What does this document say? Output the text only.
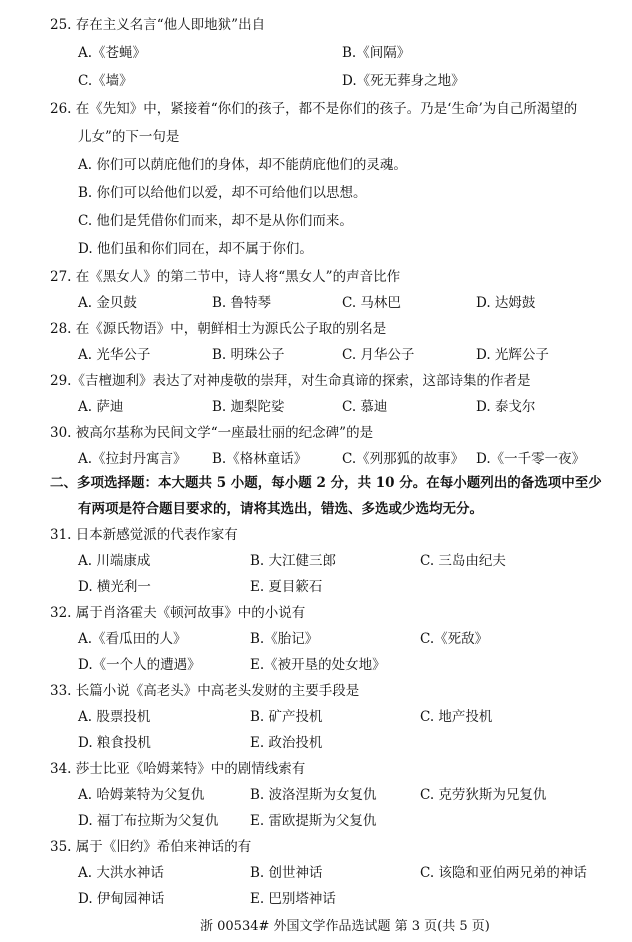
25. 存在主义名言“他人即地狱”出自
A.《苍蝇》	B.《间隔》
C.《墙》	D.《死无葬身之地》
26. 在《先知》中，紧接着“你们的孩子，都不是你们的孩子。乃是‘生命’为自己所渴望的
儿女”的下一句是
A. 你们可以荫庇他们的身体，却不能荫庇他们的灵魂。
B. 你们可以给他们以爱，却不可给他们以思想。
C. 他们是凭借你们而来，却不是从你们而来。
D. 他们虽和你们同在，却不属于你们。
27. 在《黑女人》的第二节中，诗人将“黑女人”的声音比作
A. 金贝鼓	B. 鲁特琴	C. 马林巴	D. 达姆鼓
28. 在《源氏物语》中，朝鲜相士为源氏公子取的别名是
A. 光华公子	B. 明珠公子	C. 月华公子	D. 光辉公子
29.《吉檀迦利》表达了对神虔敬的崇拜，对生命真谛的探索，这部诗集的作者是
A. 萨迪	B. 迦梨陀娑	C. 慕迪	D. 泰戈尔
30. 被高尔基称为民间文学“一座最壮丽的纪念碑”的是
A.《拉封丹寓言》 B.《格林童话》	C.《列那狐的故事》 D.《一千零一夜》
二、多项选择题：本大题共 5 小题，每小题 2 分，共 10 分。在每小题列出的备选项中至少
有两项是符合题目要求的，请将其选出，错选、多选或少选均无分。
31. 日本新感觉派的代表作家有
A. 川端康成	B. 大江健三郎	C. 三岛由纪夫
D. 横光利一	E. 夏目簌石
32. 属于肖洛霍夫《顿河故事》中的小说有
A.《看瓜田的人》	B.《胎记》	C.《死敌》
D.《一个人的遭遇》	E.《被开垦的处女地》
33. 长篇小说《高老头》中高老头发财的主要手段是
A. 股票投机	B. 矿产投机	C. 地产投机
D. 粮食投机	E. 政治投机
34. 莎士比亚《哈姆莱特》中的剧情线索有
A. 哈姆莱特为父复仇	B. 波洛涅斯为女复仇	C. 克劳狄斯为兄复仇
D. 福丁布拉斯为父复仇 E. 雷欧提斯为父复仇
35. 属于《旧约》希伯来神话的有
A. 大洪水神话	B. 创世神话	C. 该隐和亚伯两兄弟的神话
D. 伊甸园神话	E. 巴别塔神话
浙 00534# 外国文学作品选试题 第 3 页(共 5 页)
